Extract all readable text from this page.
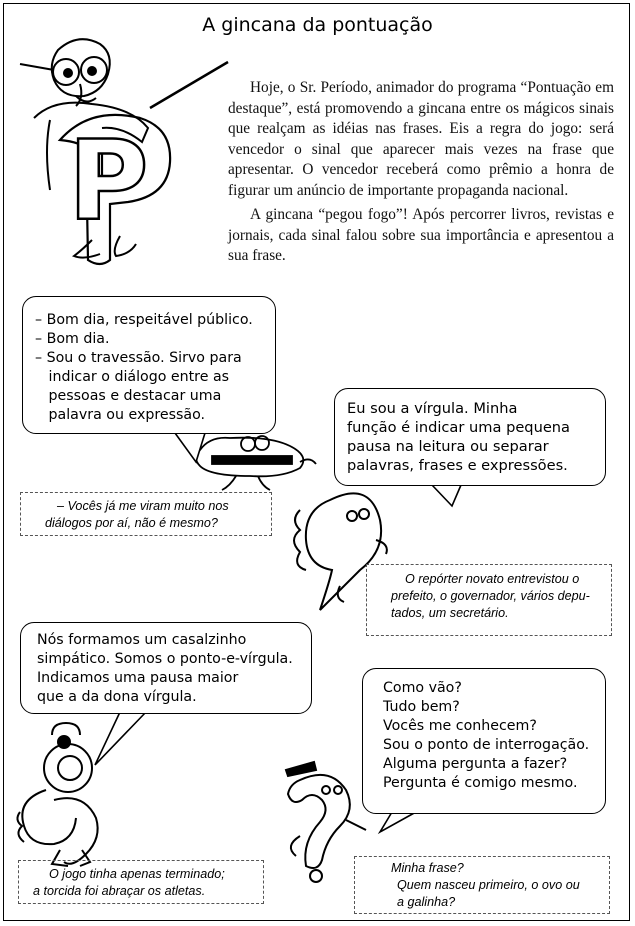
A gincana da pontuação

Hoje, o Sr. Período, animador do programa “Pontuação em destaque”, está promovendo a gincana entre os mágicos sinais que realçam as idéias nas frases. Eis a regra do jogo: será vencedor o sinal que aparecer mais vezes na frase que apresentar. O vencedor receberá como prêmio a honra de figurar um anúncio de importante propaganda nacional.

A gincana “pegou fogo”! Após percorrer livros, revistas e jornais, cada sinal falou sobre sua importância e apresentou a sua frase.

– Bom dia, respeitável público.
– Bom dia.
– Sou o travessão. Sirvo para
indicar o diálogo entre as
pessoas e destacar uma
palavra ou expressão.	Eu sou a vírgula. Minha
função é indicar uma pequena
pausa na leitura ou separar
palavras, frases e expressões.
– Vocês já me viram muito nos
diálogos por aí, não é mesmo?
O repórter novato entrevistou o
prefeito, o governador, vários depu-
tados, um secretário.
Nós formamos um casalzinho
simpático. Somos o ponto-e-vírgula.
Indicamos uma pausa maior
que a da dona vírgula.
Como vão?
Tudo bem?
Vocês me conhecem?
Sou o ponto de interrogação.
Alguma pergunta a fazer?
Pergunta é comigo mesmo.
O jogo tinha apenas terminado;
a torcida foi abraçar os atletas.
Minha frase?
Quem nasceu primeiro, o ovo ou
a galinha?
P
